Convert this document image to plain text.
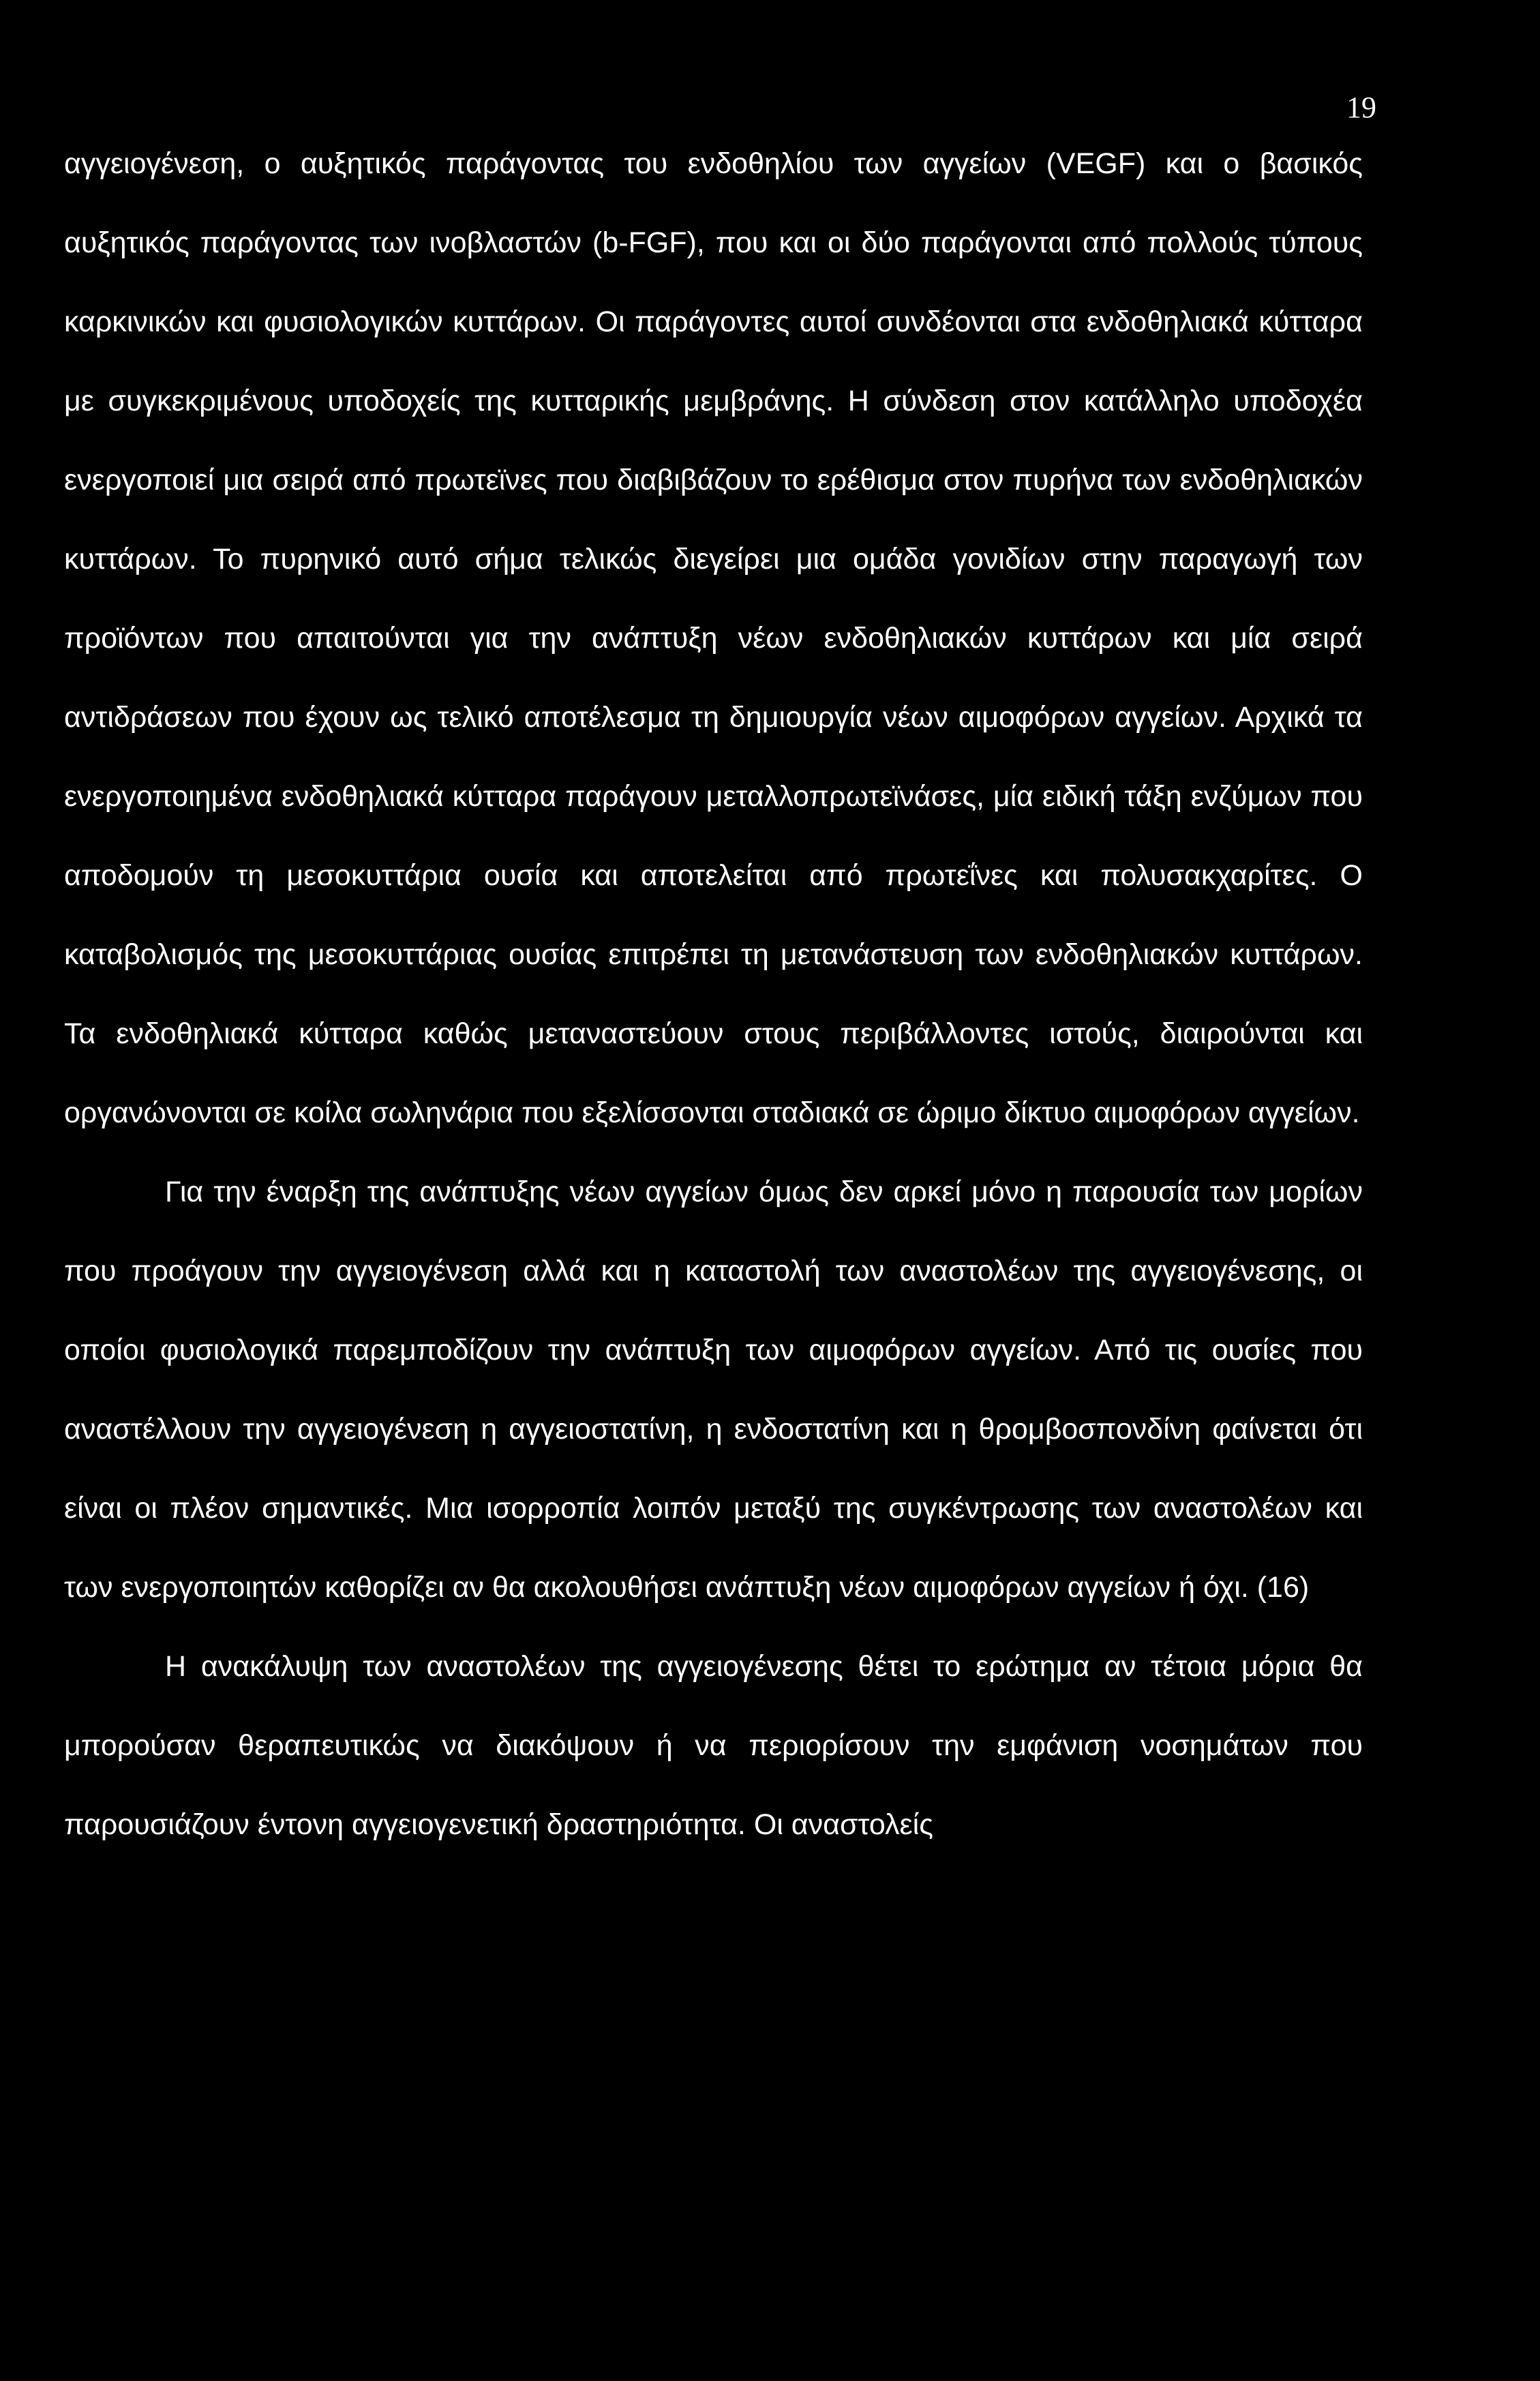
19

αγγειογένεση, ο αυξητικός παράγοντας του ενδοθηλίου των αγγείων (VEGF) και ο βασικός αυξητικός παράγοντας των ινοβλαστών (b-FGF), που και οι δύο παράγονται από πολλούς τύπους καρκινικών και φυσιολογικών κυττάρων. Οι παράγοντες αυτοί συνδέονται στα ενδοθηλιακά κύτταρα με συγκεκριμένους υποδοχείς της κυτταρικής μεμβράνης. Η σύνδεση στον κατάλληλο υποδοχέα ενεργοποιεί μια σειρά από πρωτεϊνες που διαβιβάζουν το ερέθισμα στον πυρήνα των ενδοθηλιακών κυττάρων. Το πυρηνικό αυτό σήμα τελικώς διεγείρει μια ομάδα γονιδίων στην παραγωγή των προϊόντων που απαιτούνται για την ανάπτυξη νέων ενδοθηλιακών κυττάρων και μία σειρά αντιδράσεων που έχουν ως τελικό αποτέλεσμα τη δημιουργία νέων αιμοφόρων αγγείων. Αρχικά τα ενεργοποιημένα ενδοθηλιακά κύτταρα παράγουν μεταλλοπρωτεϊνάσες, μία ειδική τάξη ενζύμων που αποδομούν τη μεσοκυττάρια ουσία και αποτελείται από πρωτεΐνες και πολυσακχαρίτες. Ο καταβολισμός της μεσοκυττάριας ουσίας επιτρέπει τη μετανάστευση των ενδοθηλιακών κυττάρων. Τα ενδοθηλιακά κύτταρα καθώς μεταναστεύουν στους περιβάλλοντες ιστούς, διαιρούνται και οργανώνονται σε κοίλα σωληνάρια που εξελίσσονται σταδιακά σε ώριμο δίκτυο αιμοφόρων αγγείων.

Για την έναρξη της ανάπτυξης νέων αγγείων όμως δεν αρκεί μόνο η παρουσία των μορίων που προάγουν την αγγειογένεση αλλά και η καταστολή των αναστολέων της αγγειογένεσης, οι οποίοι φυσιολογικά παρεμποδίζουν την ανάπτυξη των αιμοφόρων αγγείων. Από τις ουσίες που αναστέλλουν την αγγειογένεση η αγγειοστατίνη, η ενδοστατίνη και η θρομβοσπονδίνη φαίνεται ότι είναι οι πλέον σημαντικές. Μια ισορροπία λοιπόν μεταξύ της συγκέντρωσης των αναστολέων και των ενεργοποιητών καθορίζει αν θα ακολουθήσει ανάπτυξη νέων αιμοφόρων αγγείων ή όχι. (16)

Η ανακάλυψη των αναστολέων της αγγειογένεσης θέτει το ερώτημα αν τέτοια μόρια θα μπορούσαν θεραπευτικώς να διακόψουν ή να περιορίσουν την εμφάνιση νοσημάτων που παρουσιάζουν έντονη αγγειογενετική δραστηριότητα. Οι αναστολείς
